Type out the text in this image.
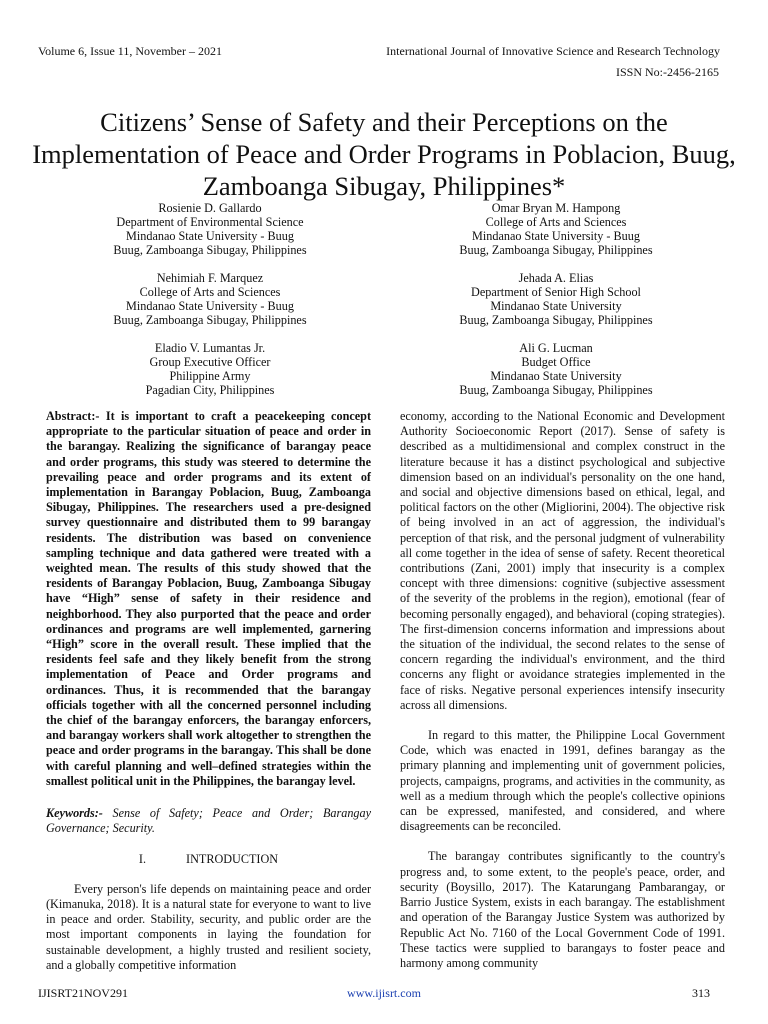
Volume 6, Issue 11, November – 2021	International Journal of Innovative Science and Research Technology
ISSN No:-2456-2165
Citizens’ Sense of Safety and their Perceptions on the Implementation of Peace and Order Programs in Poblacion, Buug, Zamboanga Sibugay, Philippines*
Rosienie D. Gallardo
Department of Environmental Science
Mindanao State University - Buug
Buug, Zamboanga Sibugay, Philippines
Omar Bryan M. Hampong
College of Arts and Sciences
Mindanao State University - Buug
Buug, Zamboanga Sibugay, Philippines
Nehimiah F. Marquez
College of Arts and Sciences
Mindanao State University - Buug
Buug, Zamboanga Sibugay, Philippines
Jehada A. Elias
Department of Senior High School
Mindanao State University
Buug, Zamboanga Sibugay, Philippines
Eladio V. Lumantas Jr.
Group Executive Officer
Philippine Army
Pagadian City, Philippines
Ali G. Lucman
Budget Office
Mindanao State University
Buug, Zamboanga Sibugay, Philippines

Abstract:- It is important to craft a peacekeeping concept appropriate to the particular situation of peace and order in the barangay. Realizing the significance of barangay peace and order programs, this study was steered to determine the prevailing peace and order programs and its extent of implementation in Barangay Poblacion, Buug, Zamboanga Sibugay, Philippines. The researchers used a pre-designed survey questionnaire and distributed them to 99 barangay residents. The distribution was based on convenience sampling technique and data gathered were treated with a weighted mean. The results of this study showed that the residents of Barangay Poblacion, Buug, Zamboanga Sibugay have “High” sense of safety in their residence and neighborhood. They also purported that the peace and order ordinances and programs are well implemented, garnering “High” score in the overall result. These implied that the residents feel safe and they likely benefit from the strong implementation of Peace and Order programs and ordinances. Thus, it is recommended that the barangay officials together with all the concerned personnel including the chief of the barangay enforcers, the barangay enforcers, and barangay workers shall work altogether to strengthen the peace and order programs in the barangay. This shall be done with careful planning and well–defined strategies within the smallest political unit in the Philippines, the barangay level.

Keywords:- Sense of Safety; Peace and Order; Barangay Governance; Security.

I.	INTRODUCTION

Every person's life depends on maintaining peace and order (Kimanuka, 2018). It is a natural state for everyone to want to live in peace and order. Stability, security, and public order are the most important components in laying the foundation for sustainable development, a highly trusted and resilient society, and a globally competitive information

economy, according to the National Economic and Development Authority Socioeconomic Report (2017). Sense of safety is described as a multidimensional and complex construct in the literature because it has a distinct psychological and subjective dimension based on an individual's personality on the one hand, and social and objective dimensions based on ethical, legal, and political factors on the other (Migliorini, 2004). The objective risk of being involved in an act of aggression, the individual's perception of that risk, and the personal judgment of vulnerability all come together in the idea of sense of safety. Recent theoretical contributions (Zani, 2001) imply that insecurity is a complex concept with three dimensions: cognitive (subjective assessment of the severity of the problems in the region), emotional (fear of becoming personally engaged), and behavioral (coping strategies). The first-dimension concerns information and impressions about the situation of the individual, the second relates to the sense of concern regarding the individual's environment, and the third concerns any flight or avoidance strategies implemented in the face of risks. Negative personal experiences intensify insecurity across all dimensions.

In regard to this matter, the Philippine Local Government Code, which was enacted in 1991, defines barangay as the primary planning and implementing unit of government policies, projects, campaigns, programs, and activities in the community, as well as a medium through which the people's collective opinions can be expressed, manifested, and considered, and where disagreements can be reconciled.

The barangay contributes significantly to the country's progress and, to some extent, to the people's peace, order, and security (Boysillo, 2017). The Katarungang Pambarangay, or Barrio Justice System, exists in each barangay. The establishment and operation of the Barangay Justice System was authorized by Republic Act No. 7160 of the Local Government Code of 1991. These tactics were supplied to barangays to foster peace and harmony among community

IJISRT21NOV291	www.ijisrt.com	313
